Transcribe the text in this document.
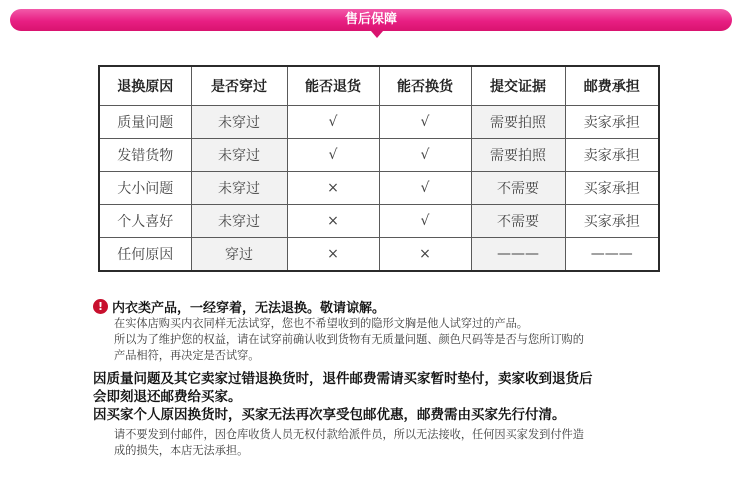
售后保障
退换原因	是否穿过	能否退货	能否换货	提交证据	邮费承担
质量问题	未穿过	√	√	需要拍照	卖家承担
发错货物	未穿过	√	√	需要拍照	卖家承担
大小问题	未穿过	×	√	不需要	买家承担
个人喜好	未穿过	×	√	不需要	买家承担
任何原因	穿过	×	×	———	———
! 内衣类产品，一经穿着，无法退换。敬请谅解。

在实体店购买内衣同样无法试穿，您也不希望收到的隐形文胸是他人试穿过的产品。

所以为了维护您的权益，请在试穿前确认收到货物有无质量问题、颜色尺码等是否与您所订购的

产品相符，再决定是否试穿。

因质量问题及其它卖家过错退换货时，退件邮费需请买家暂时垫付，卖家收到退货后

会即刻退还邮费给买家。

因买家个人原因换货时，买家无法再次享受包邮优惠，邮费需由买家先行付清。

请不要发到付邮件，因仓库收货人员无权付款给派件员，所以无法接收，任何因买家发到付件造

成的损失，本店无法承担。
